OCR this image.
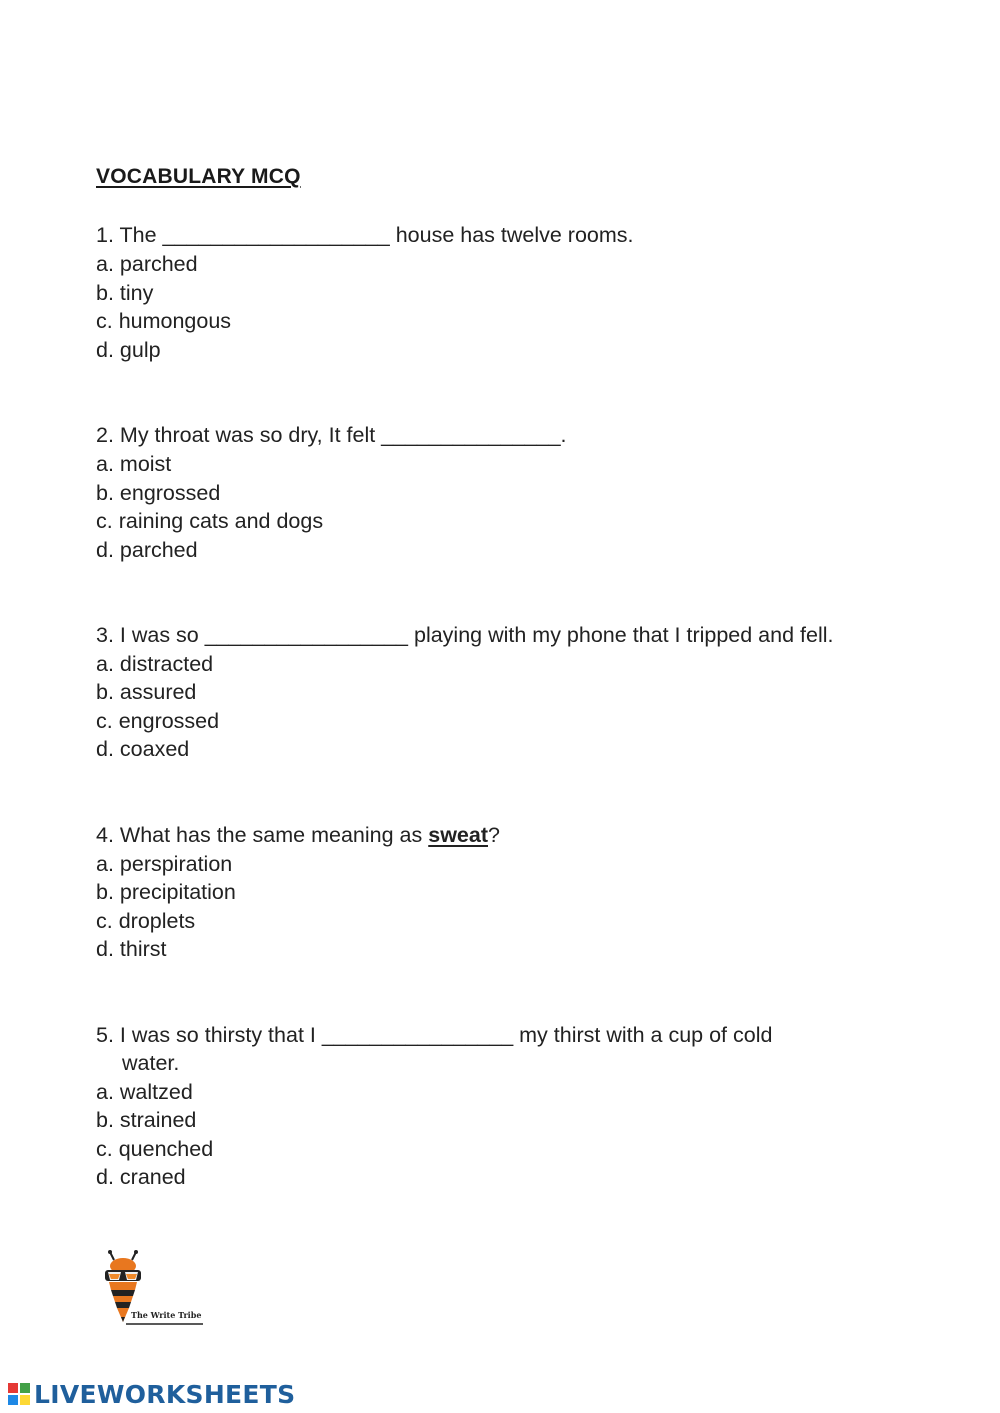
VOCABULARY MCQ
1. The ___________________ house has twelve rooms.
a. parched
b. tiny
c. humongous
d. gulp
2. My throat was so dry, It felt _______________.
a. moist
b. engrossed
c. raining cats and dogs
d. parched
3. I was so _________________ playing with my phone that I tripped and fell.
a. distracted
b. assured
c. engrossed
d. coaxed
4. What has the same meaning as sweat?
a. perspiration
b. precipitation
c. droplets
d. thirst
5. I was so thirsty that I ________________ my thirst with a cup of cold
water.
a. waltzed
b. strained
c. quenched
d. craned
The Write Tribe
LIVEWORKSHEETS
